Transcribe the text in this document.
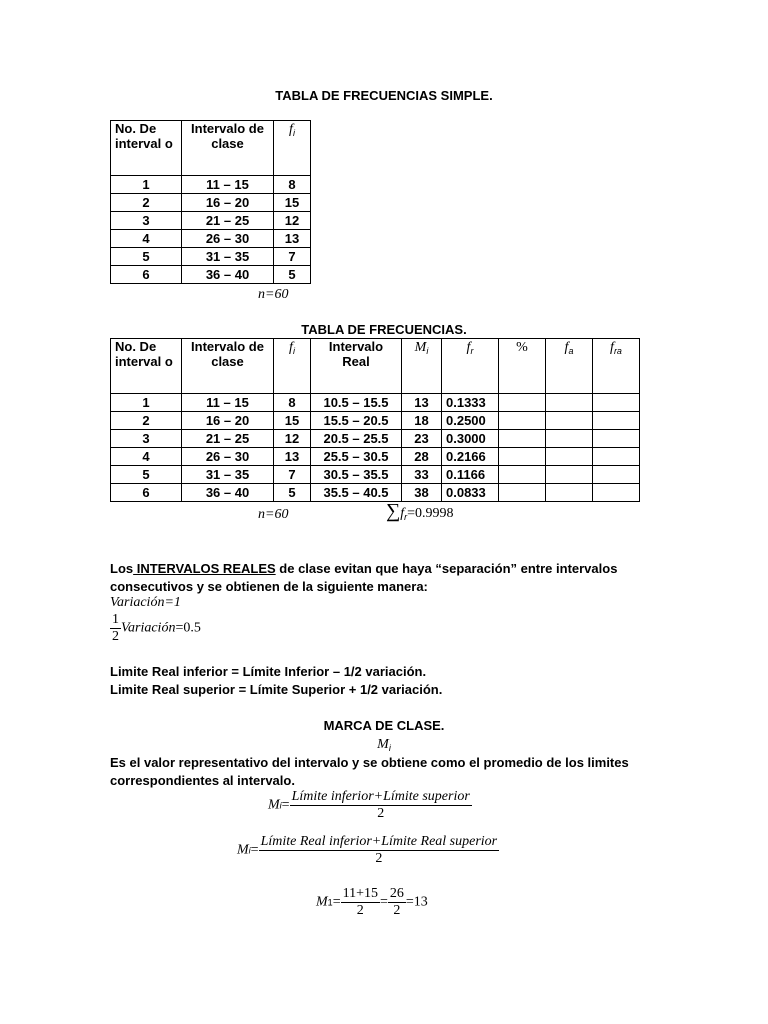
TABLA DE FRECUENCIAS SIMPLE.
No. De interval o	Intervalo de clase	$f_i$
1	11 – 15	8
2	16 – 20	15
3	21 – 25	12
4	26 – 30	13
5	31 – 35	7
6	36 – 40	5
n=60
TABLA DE FRECUENCIAS.
No. De interval o	Intervalo de clase	$f_i$	Intervalo Real	$M_i$	$f_r$	%	$f_a$	$f_{ra}$
1	11 – 15	8	10.5 – 15.5	13	0.1333			
2	16 – 20	15	15.5 – 20.5	18	0.2500			
3	21 – 25	12	20.5 – 25.5	23	0.3000			
4	26 – 30	13	25.5 – 30.5	28	0.2166			
5	31 – 35	7	30.5 – 35.5	33	0.1166			
6	36 – 40	5	35.5 – 40.5	38	0.0833			
n=60	$\sum f_r=0.9998$
Los INTERVALOS REALES de clase evitan que haya “separación” entre intervalos consecutivos y se obtienen de la siguiente manera:
Variación=1
$\frac{1}{2}$ Variación=0.5
Limite Real inferior = Límite Inferior – 1/2 variación.
Limite Real superior = Límite Superior + 1/2 variación.
MARCA DE CLASE.
$M_i$
Es el valor representativo del intervalo y se obtiene como el promedio de los limites correspondientes al intervalo.
$Mi= \frac{\text{Límite inferior+Límite superior}}{2}$
$Mi= \frac{\text{Límite Real inferior+Límite Real superior}}{2}$
$M1= \frac{11+15}{2} = \frac{26}{2} =13$
